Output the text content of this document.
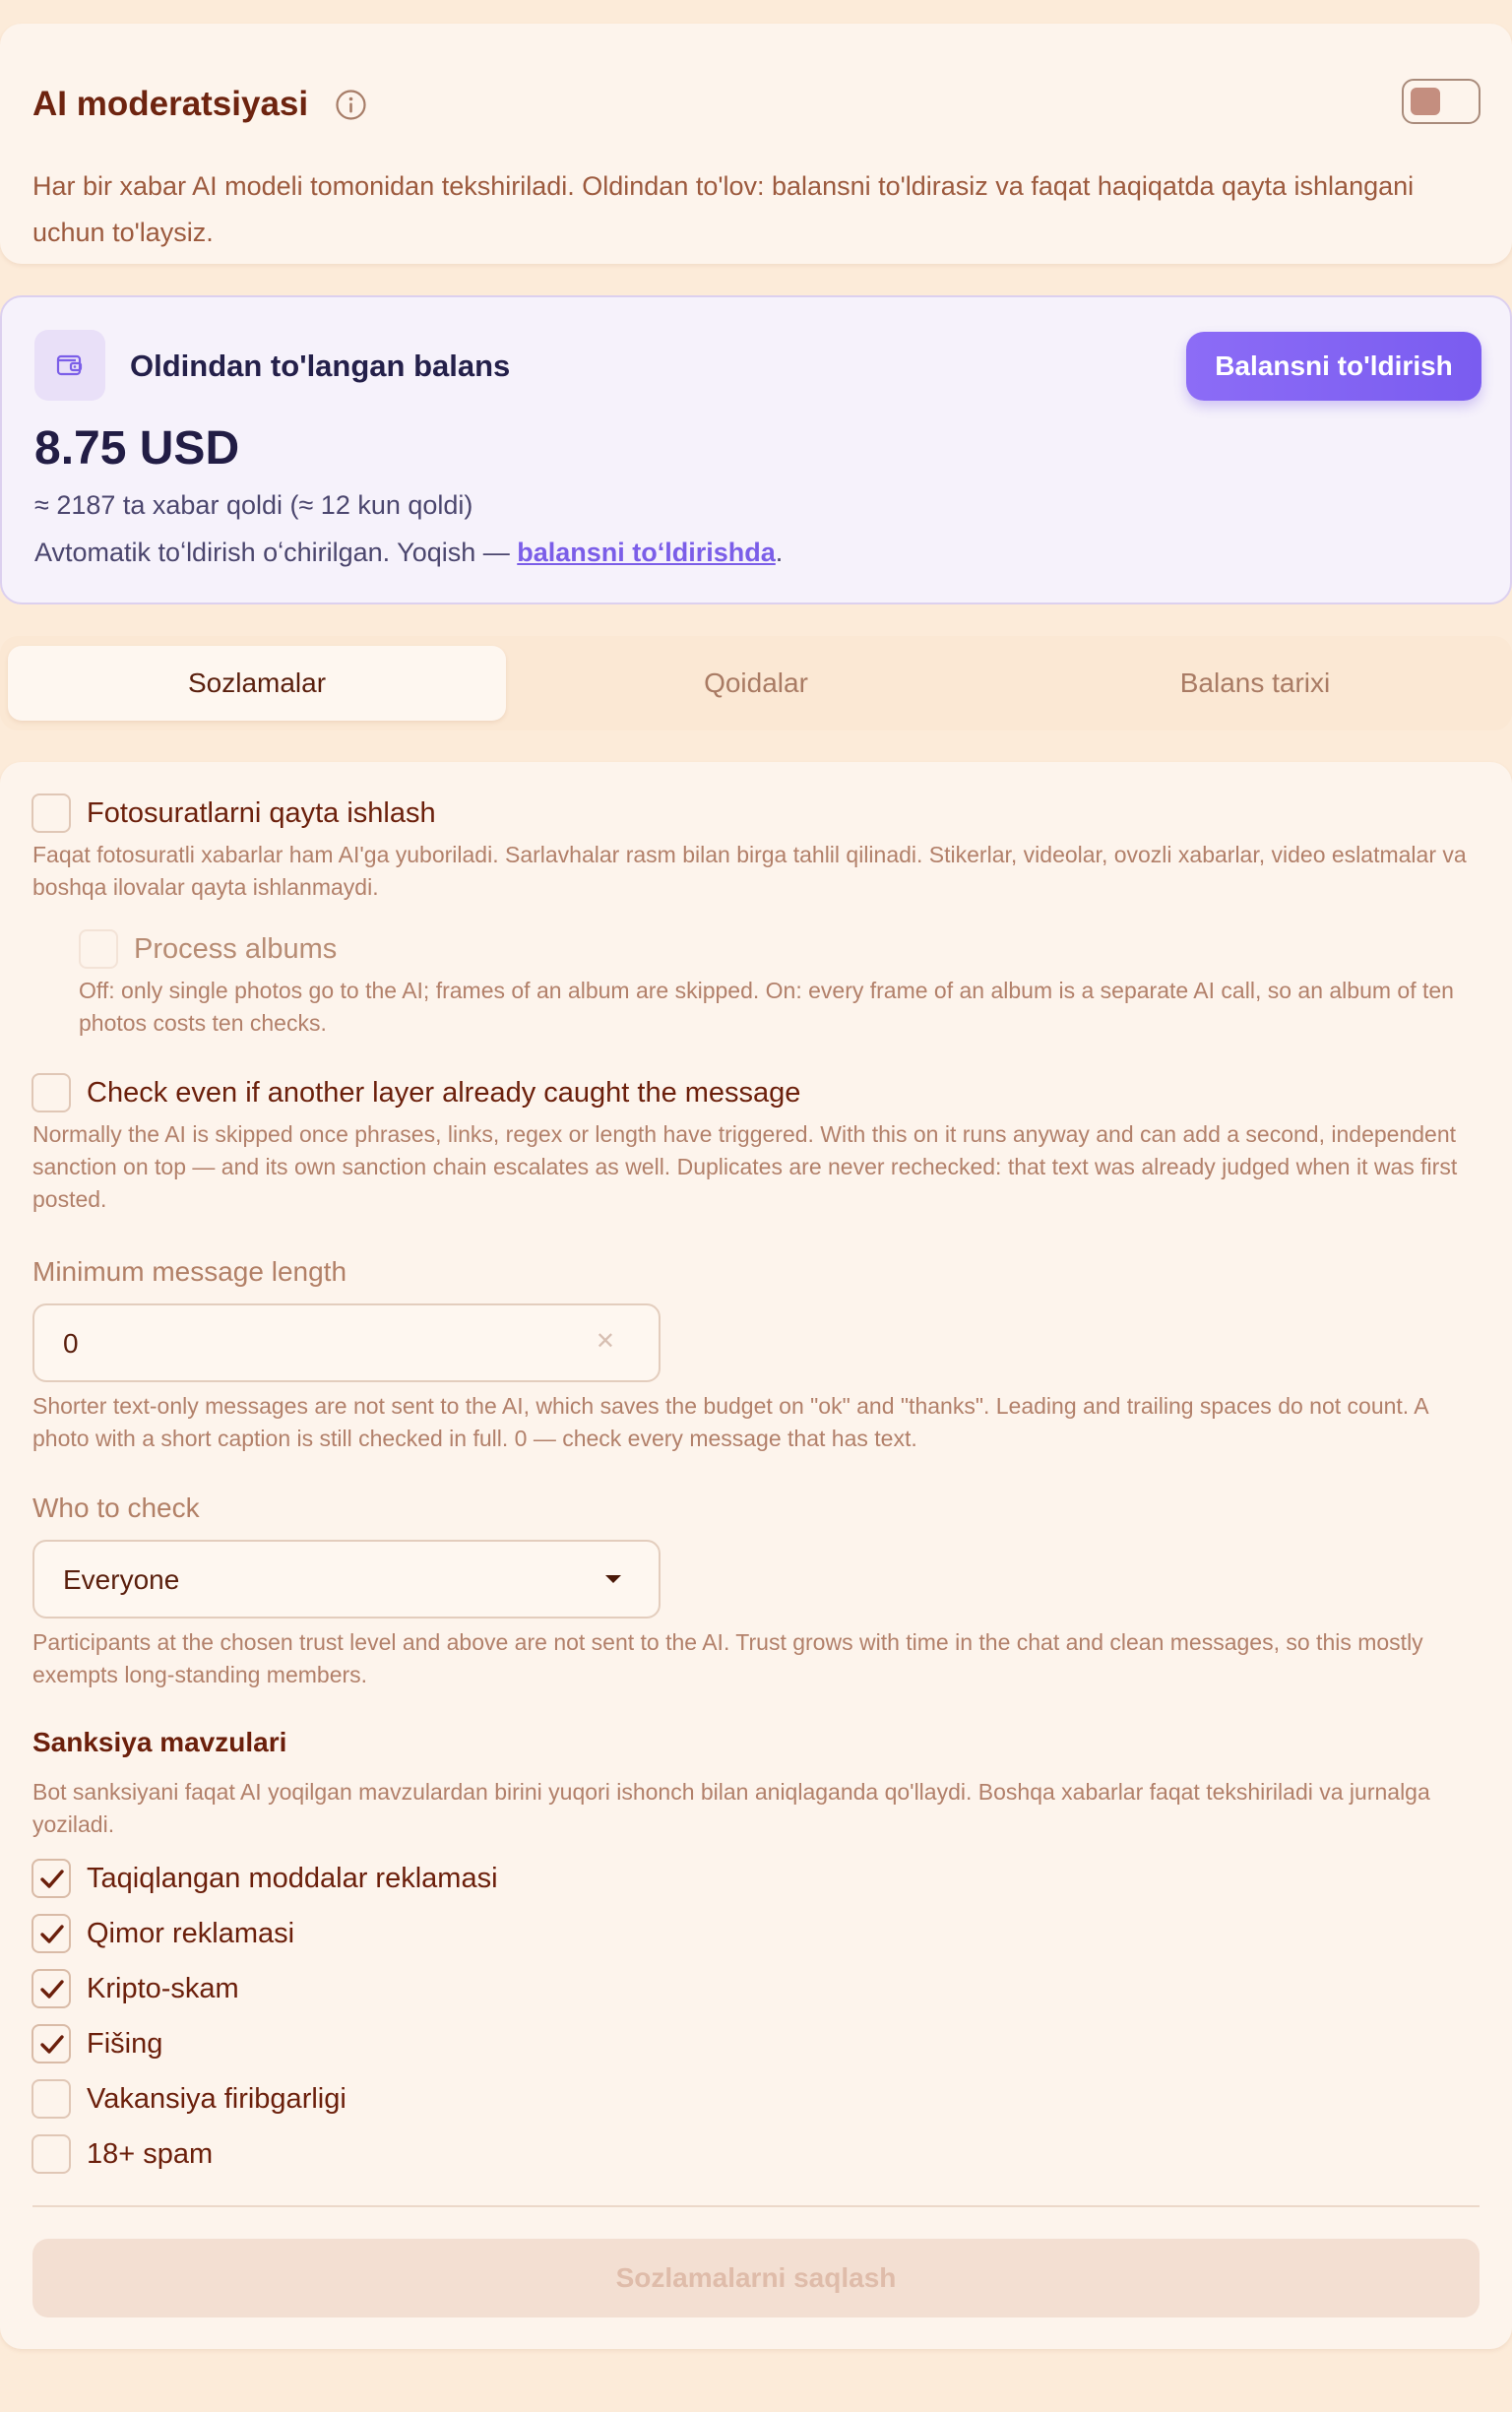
AI moderatsiyasi

Har bir xabar AI modeli tomonidan tekshiriladi. Oldindan to'lov: balansni to'ldirasiz va faqat haqiqatda qayta ishlangani uchun to'laysiz.

Oldindan to'langan balans
8.75 USD
≈ 2187 ta xabar qoldi (≈ 12 kun qoldi)
Avtomatik toʻldirish oʻchirilgan. Yoqish — balansni toʻldirishda.
Balansni to'ldirish
Sozlamalar	Qoidalar	Balans tarixi
Fotosuratlarni qayta ishlash
Faqat fotosuratli xabarlar ham AI'ga yuboriladi. Sarlavhalar rasm bilan birga tahlil qilinadi. Stikerlar, videolar, ovozli xabarlar, video eslatmalar va boshqa ilovalar qayta ishlanmaydi.
Process albums
Off: only single photos go to the AI; frames of an album are skipped. On: every frame of an album is a separate AI call, so an album of ten photos costs ten checks.
Check even if another layer already caught the message
Normally the AI is skipped once phrases, links, regex or length have triggered. With this on it runs anyway and can add a second, independent sanction on top — and its own sanction chain escalates as well. Duplicates are never rechecked: that text was already judged when it was first posted.
Minimum message length
0	✕
Shorter text-only messages are not sent to the AI, which saves the budget on "ok" and "thanks". Leading and trailing spaces do not count. A photo with a short caption is still checked in full. 0 — check every message that has text.
Who to check
Everyone
Participants at the chosen trust level and above are not sent to the AI. Trust grows with time in the chat and clean messages, so this mostly exempts long-standing members.
Sanksiya mavzulari
Bot sanksiyani faqat AI yoqilgan mavzulardan birini yuqori ishonch bilan aniqlaganda qo'llaydi. Boshqa xabarlar faqat tekshiriladi va jurnalga yoziladi.
Taqiqlangan moddalar reklamasi
Qimor reklamasi
Kripto-skam
Fišing
Vakansiya firibgarligi
18+ spam
Sozlamalarni saqlash
